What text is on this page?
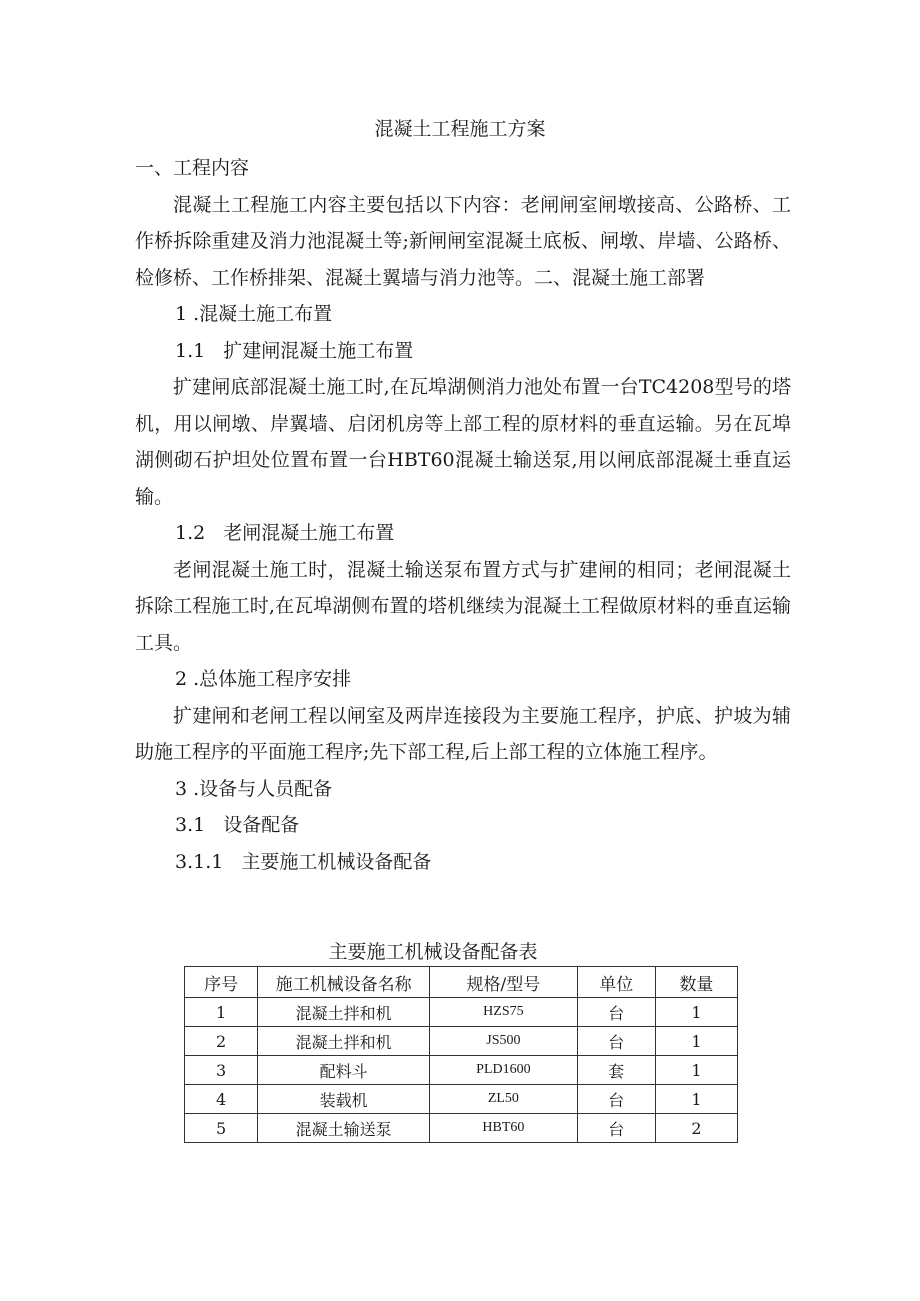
混凝土工程施工方案

一、工程内容

混凝土工程施工内容主要包括以下内容：老闸闸室闸墩接高、公路桥、工作桥拆除重建及消力池混凝土等;新闸闸室混凝土底板、闸墩、岸墙、公路桥、检修桥、工作桥排架、混凝土翼墙与消力池等。二、混凝土施工部署

1 .混凝土施工布置

1.1 扩建闸混凝土施工布置

扩建闸底部混凝土施工时,在瓦埠湖侧消力池处布置一台TC4208型号的塔机，用以闸墩、岸翼墙、启闭机房等上部工程的原材料的垂直运输。另在瓦埠湖侧砌石护坦处位置布置一台HBT60混凝土输送泵,用以闸底部混凝土垂直运输。

1.2 老闸混凝土施工布置

老闸混凝土施工时，混凝土输送泵布置方式与扩建闸的相同；老闸混凝土拆除工程施工时,在瓦埠湖侧布置的塔机继续为混凝土工程做原材料的垂直运输工具。

2 .总体施工程序安排

扩建闸和老闸工程以闸室及两岸连接段为主要施工程序，护底、护坡为辅助施工程序的平面施工程序;先下部工程,后上部工程的立体施工程序。

3 .设备与人员配备

3.1 设备配备

3.1.1 主要施工机械设备配备

主要施工机械设备配备表
序号	施工机械设备名称	规格/型号	单位	数量
1	混凝土拌和机	HZS75	台	1
2	混凝土拌和机	JS500	台	1
3	配料斗	PLD1600	套	1
4	装载机	ZL50	台	1
5	混凝土输送泵	HBT60	台	2
